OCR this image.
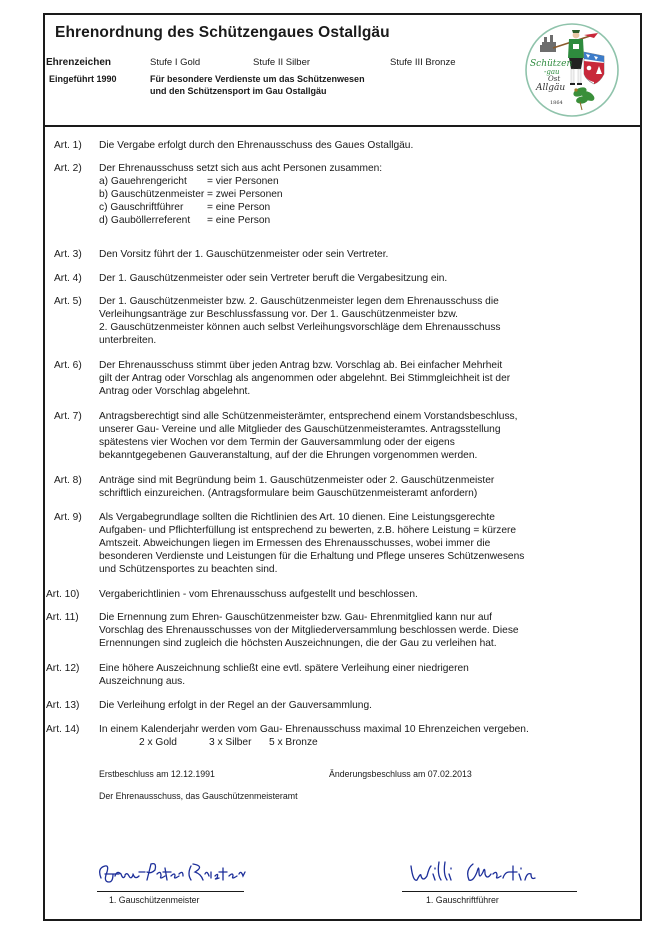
Ehrenordnung des Schützengaues Ostallgäu
Ehrenzeichen	Stufe I Gold	Stufe II Silber	Stufe III Bronze
Eingeführt 1990	Für besondere Verdienste um das Schützenwesen
und den Schützensport im Gau Ostallgäu
Schützen
-gau
Ost
Allgäu
1864
Art. 1) Die Vergabe erfolgt durch den Ehrenausschuss des Gaues Ostallgäu.
Art. 2) Der Ehrenausschuss setzt sich aus acht Personen zusammen:
a) Gauehrengericht = vier Personen
b) Gauschützenmeister = zwei Personen
c) Gauschriftführer = eine Person
d) Gauböllerreferent = eine Person
Art. 3) Den Vorsitz führt der 1. Gauschützenmeister oder sein Vertreter.
Art. 4) Der 1. Gauschützenmeister oder sein Vertreter beruft die Vergabesitzung ein.
Art. 5) Der 1. Gauschützenmeister bzw. 2. Gauschützenmeister legen dem Ehrenausschuss die
Verleihungsanträge zur Beschlussfassung vor. Der 1. Gauschützenmeister bzw.
2. Gauschützenmeister können auch selbst Verleihungsvorschläge dem Ehrenausschuss
unterbreiten.
Art. 6) Der Ehrenausschuss stimmt über jeden Antrag bzw. Vorschlag ab. Bei einfacher Mehrheit
gilt der Antrag oder Vorschlag als angenommen oder abgelehnt. Bei Stimmgleichheit ist der
Antrag oder Vorschlag abgelehnt.
Art. 7) Antragsberechtigt sind alle Schützenmeisterämter, entsprechend einem Vorstandsbeschluss,
unserer Gau- Vereine und alle Mitglieder des Gauschützenmeisteramtes. Antragsstellung
spätestens vier Wochen vor dem Termin der Gauversammlung oder der eigens
bekanntgegebenen Gauveranstaltung, auf der die Ehrungen vorgenommen werden.
Art. 8) Anträge sind mit Begründung beim 1. Gauschützenmeister oder 2. Gauschützenmeister
schriftlich einzureichen. (Antragsformulare beim Gauschützenmeisteramt anfordern)
Art. 9) Als Vergabegrundlage sollten die Richtlinien des Art. 10 dienen. Eine Leistungsgerechte
Aufgaben- und Pflichterfüllung ist entsprechend zu bewerten, z.B. höhere Leistung = kürzere
Amtszeit. Abweichungen liegen im Ermessen des Ehrenausschusses, wobei immer die
besonderen Verdienste und Leistungen für die Erhaltung und Pflege unseres Schützenwesens
und Schützensportes zu beachten sind.
Art. 10) Vergaberichtlinien - vom Ehrenausschuss aufgestellt und beschlossen.
Art. 11) Die Ernennung zum Ehren- Gauschützenmeister bzw. Gau- Ehrenmitglied kann nur auf
Vorschlag des Ehrenausschusses von der Mitgliederversammlung beschlossen werde. Diese
Ernennungen sind zugleich die höchsten Auszeichnungen, die der Gau zu verleihen hat.
Art. 12) Eine höhere Auszeichnung schließt eine evtl. spätere Verleihung einer niedrigeren
Auszeichnung aus.
Art. 13) Die Verleihung erfolgt in der Regel an der Gauversammlung.
Art. 14) In einem Kalenderjahr werden vom Gau- Ehrenausschuss maximal 10 Ehrenzeichen vergeben.
2 x Gold	3 x Silber 5 x Bronze
Erstbeschluss am 12.12.1991	Änderungsbeschluss am 07.02.2013
Der Ehrenausschuss, das Gauschützenmeisteramt
1. Gauschützenmeister	1. Gauschriftführer
